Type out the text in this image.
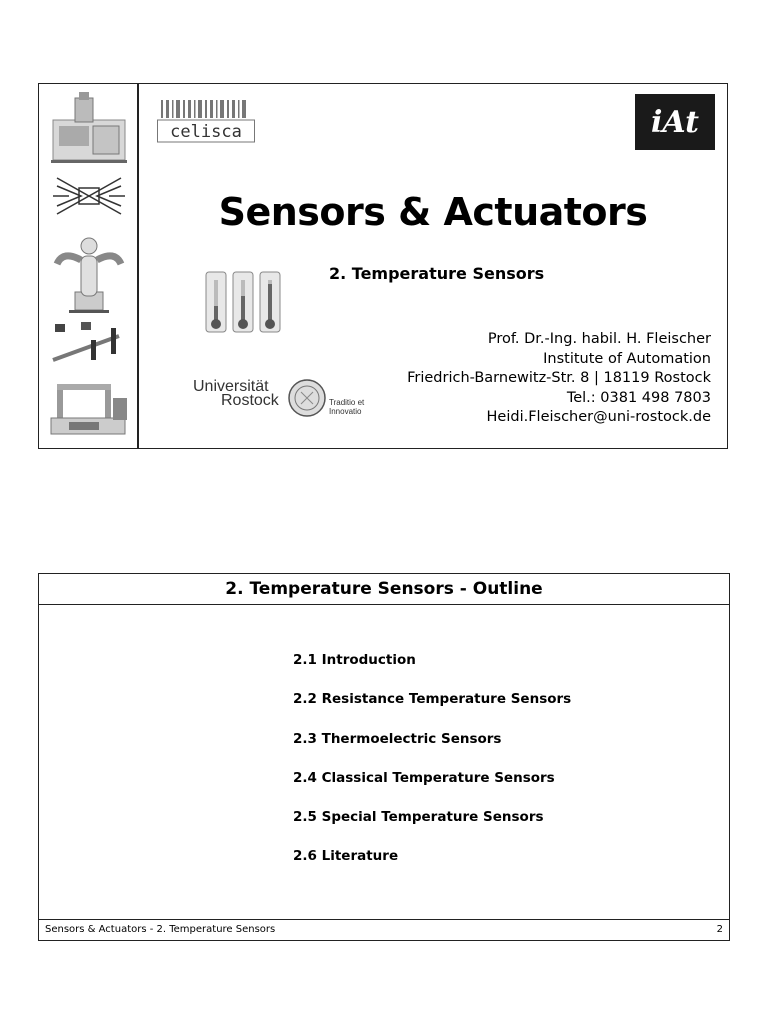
celisca	iAt
Sensors & Actuators
2. Temperature Sensors
Prof. Dr.-Ing. habil. H. Fleischer
Institute of Automation
Friedrich-Barnewitz-Str. 8 | 18119 Rostock
Tel.: 0381 498 7803
Heidi.Fleischer@uni-rostock.de
Universität
Rostock	Traditio et Innovatio
2. Temperature Sensors - Outline
2.1 Introduction
2.2 Resistance Temperature Sensors
2.3 Thermoelectric Sensors
2.4 Classical Temperature Sensors
2.5 Special Temperature Sensors
2.6 Literature
Sensors & Actuators - 2. Temperature Sensors	2
